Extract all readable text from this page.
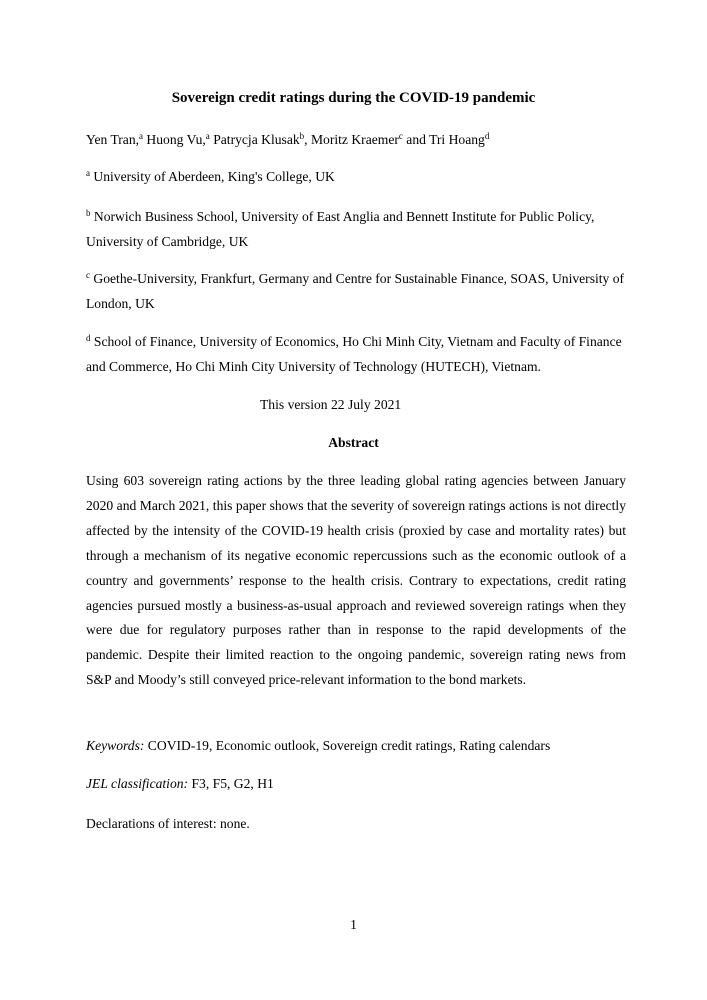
Sovereign credit ratings during the COVID-19 pandemic

Yen Tran,$^a$ Huong Vu,$^a$ Patrycja Klusak$^b$, Moritz Kraemer$^c$ and Tri Hoang$^d$

$^a$ University of Aberdeen, King's College, UK

$^b$ Norwich Business School, University of East Anglia and Bennett Institute for Public Policy, University of Cambridge, UK

$^c$ Goethe-University, Frankfurt, Germany and Centre for Sustainable Finance, SOAS, University of London, UK

$^d$ School of Finance, University of Economics, Ho Chi Minh City, Vietnam and Faculty of Finance and Commerce, Ho Chi Minh City University of Technology (HUTECH), Vietnam.

This version 22 July 2021

Abstract

Using 603 sovereign rating actions by the three leading global rating agencies between January 2020 and March 2021, this paper shows that the severity of sovereign ratings actions is not directly affected by the intensity of the COVID-19 health crisis (proxied by case and mortality rates) but through a mechanism of its negative economic repercussions such as the economic outlook of a country and governments’ response to the health crisis. Contrary to expectations, credit rating agencies pursued mostly a business-as-usual approach and reviewed sovereign ratings when they were due for regulatory purposes rather than in response to the rapid developments of the pandemic. Despite their limited reaction to the ongoing pandemic, sovereign rating news from S&P and Moody’s still conveyed price-relevant information to the bond markets.

Keywords: COVID-19, Economic outlook, Sovereign credit ratings, Rating calendars

JEL classification: F3, F5, G2, H1

Declarations of interest: none.

1
